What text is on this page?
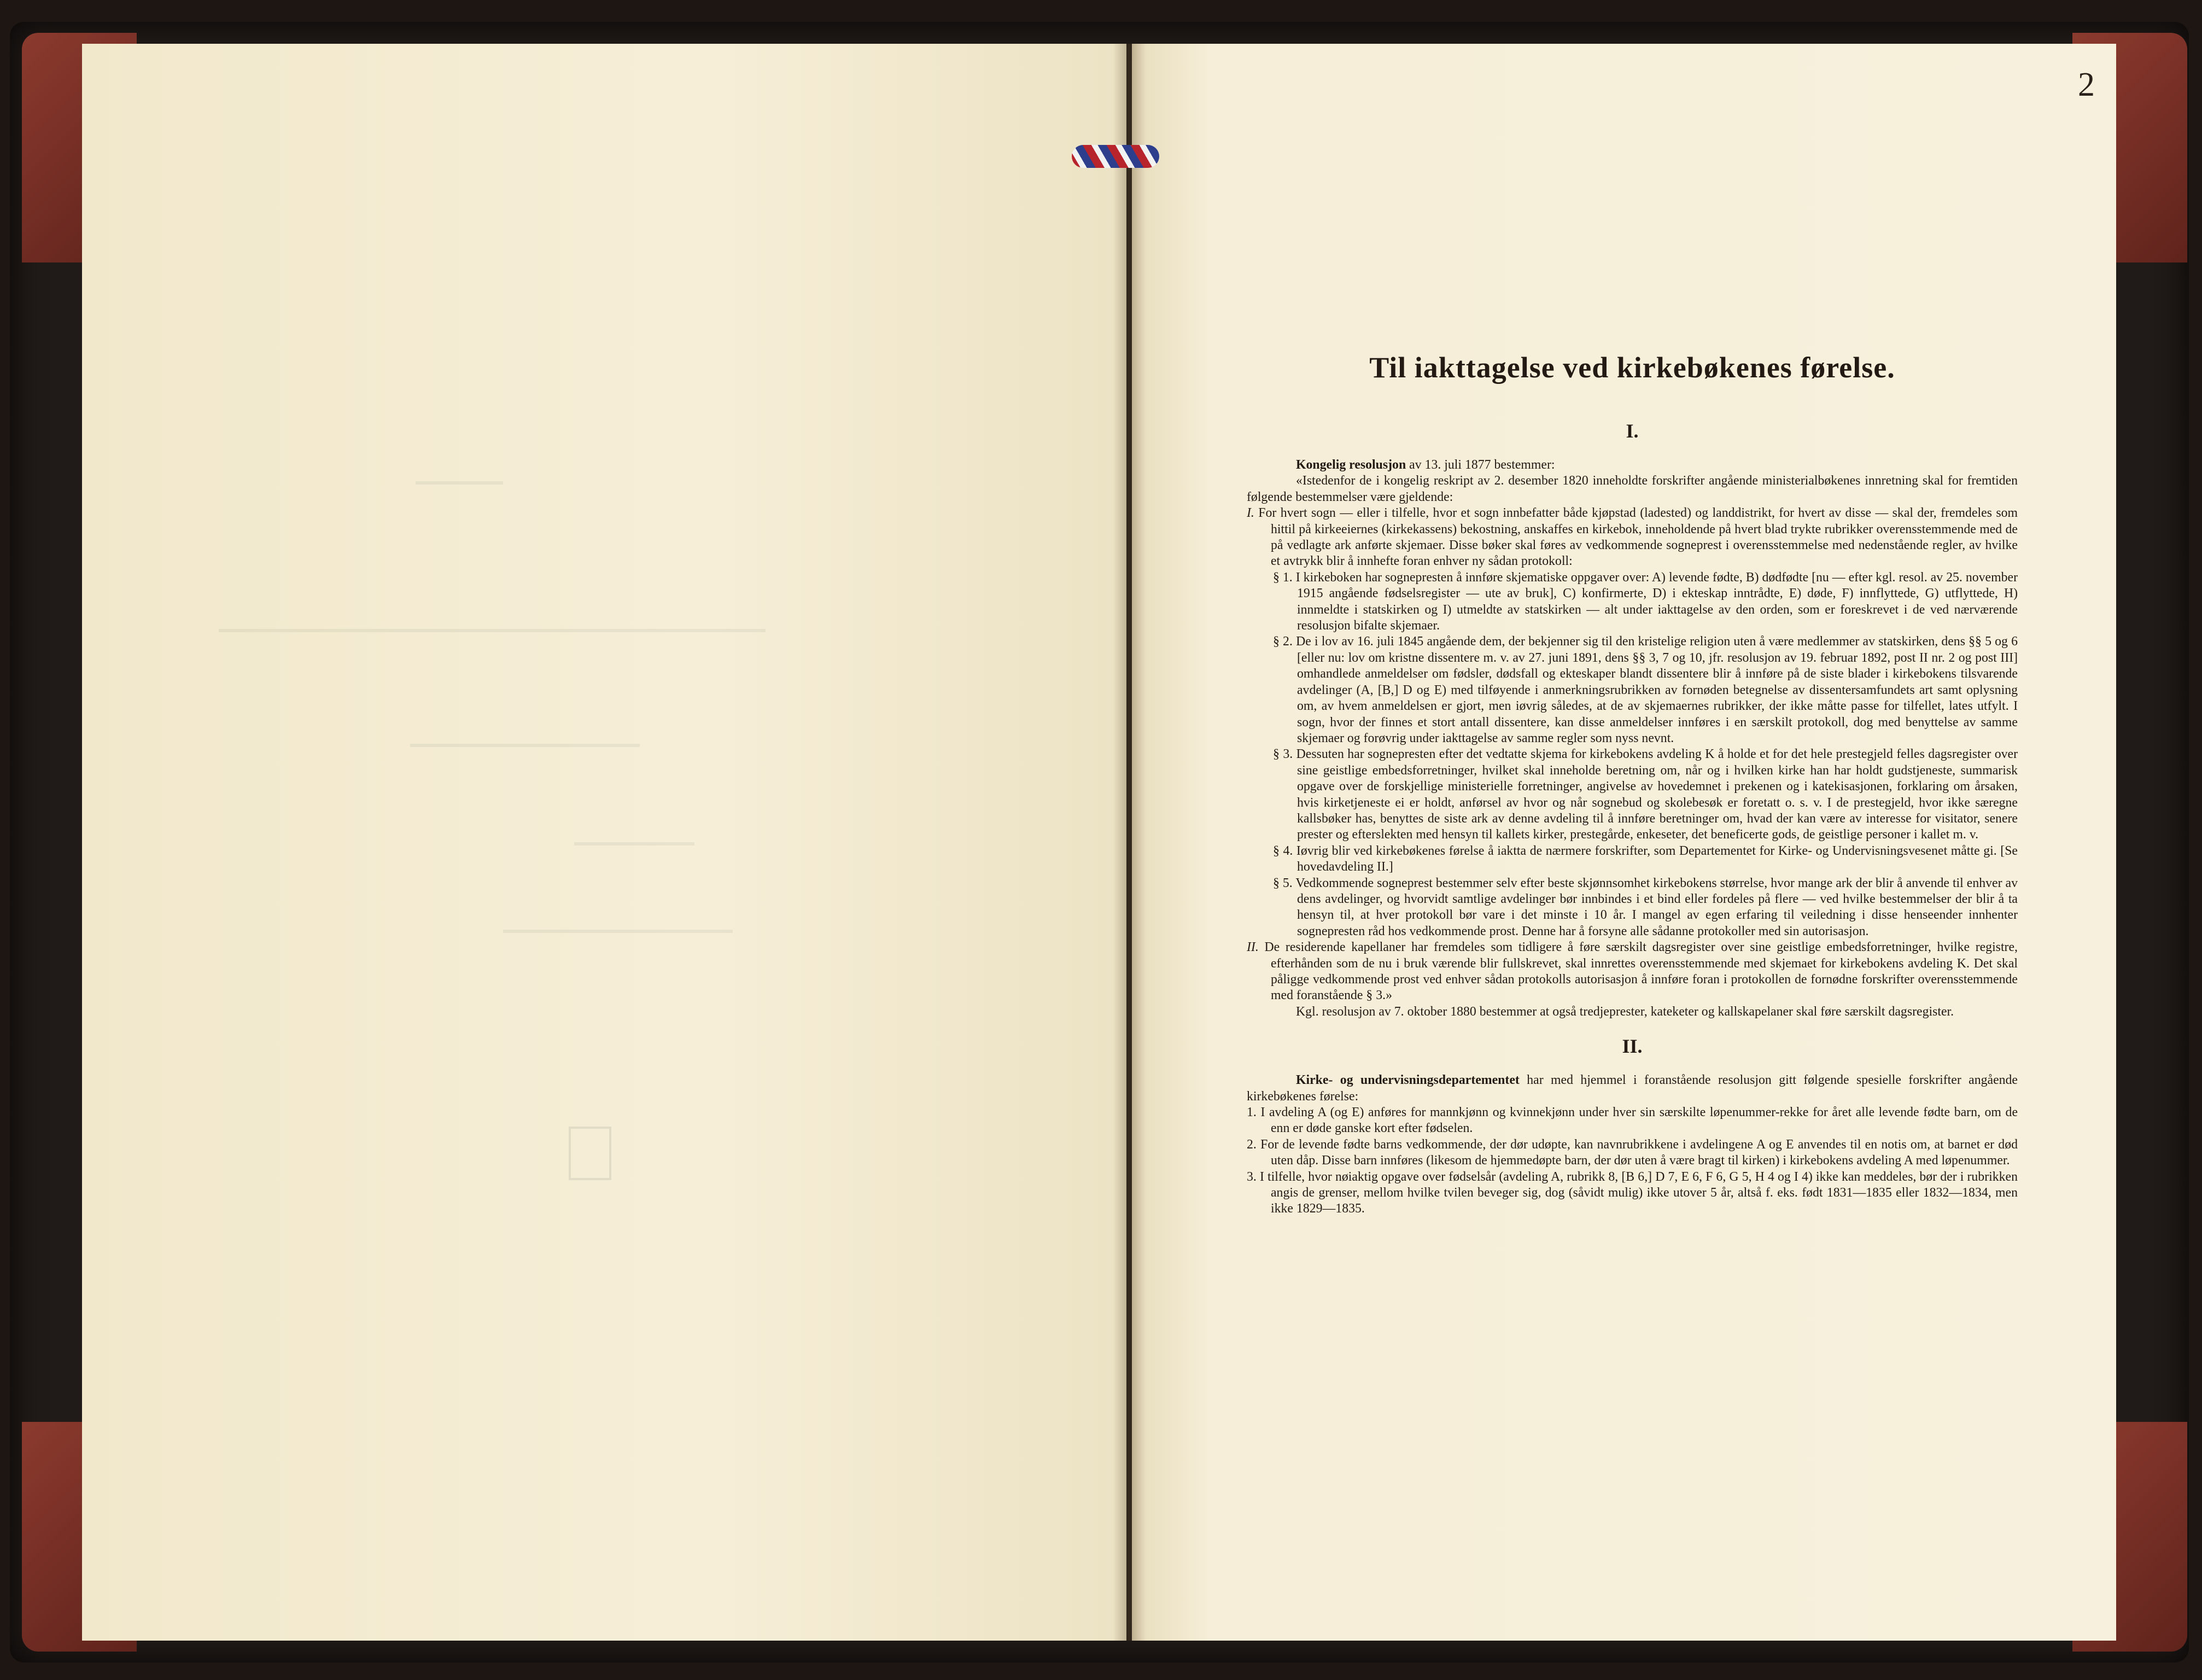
2
Til iakttagelse ved kirkebøkenes førelse.
I.

Kongelig resolusjon av 13. juli 1877 bestemmer:

«Istedenfor de i kongelig reskript av 2. desember 1820 inneholdte forskrifter angående ministerialbøkenes innretning skal for fremtiden følgende bestemmelser være gjeldende:

I. For hvert sogn — eller i tilfelle, hvor et sogn innbefatter både kjøpstad (ladested) og landdistrikt, for hvert av disse — skal der, fremdeles som hittil på kirkeeiernes (kirkekassens) bekostning, anskaffes en kirkebok, inneholdende på hvert blad trykte rubrikker overensstemmende med de på vedlagte ark anførte skjemaer. Disse bøker skal føres av vedkommende sogneprest i overensstemmelse med nedenstående regler, av hvilke et avtrykk blir å innhefte foran enhver ny sådan protokoll:

§ 1. I kirkeboken har sognepresten å innføre skjematiske oppgaver over: A) levende fødte, B) dødfødte [nu — efter kgl. resol. av 25. november 1915 angående fødselsregister — ute av bruk], C) konfirmerte, D) i ekteskap inntrådte, E) døde, F) innflyttede, G) utflyttede, H) innmeldte i statskirken og I) utmeldte av statskirken — alt under iakttagelse av den orden, som er foreskrevet i de ved nærværende resolusjon bifalte skjemaer.

§ 2. De i lov av 16. juli 1845 angående dem, der bekjenner sig til den kristelige religion uten å være medlemmer av statskirken, dens §§ 5 og 6 [eller nu: lov om kristne dissentere m. v. av 27. juni 1891, dens §§ 3, 7 og 10, jfr. resolusjon av 19. februar 1892, post II nr. 2 og post III] omhandlede anmeldelser om fødsler, dødsfall og ekteskaper blandt dissentere blir å innføre på de siste blader i kirkebokens tilsvarende avdelinger (A, [B,] D og E) med tilføyende i anmerkningsrubrikken av fornøden betegnelse av dissentersamfundets art samt oplysning om, av hvem anmeldelsen er gjort, men iøvrig således, at de av skjemaernes rubrikker, der ikke måtte passe for tilfellet, lates utfylt. I sogn, hvor der finnes et stort antall dissentere, kan disse anmeldelser innføres i en særskilt protokoll, dog med benyttelse av samme skjemaer og forøvrig under iakttagelse av samme regler som nyss nevnt.

§ 3. Dessuten har sognepresten efter det vedtatte skjema for kirkebokens avdeling K å holde et for det hele prestegjeld felles dagsregister over sine geistlige embedsforretninger, hvilket skal inneholde beretning om, når og i hvilken kirke han har holdt gudstjeneste, summarisk opgave over de forskjellige ministerielle forretninger, angivelse av hovedemnet i prekenen og i katekisasjonen, forklaring om årsaken, hvis kirketjeneste ei er holdt, anførsel av hvor og når sognebud og skolebesøk er foretatt o. s. v. I de prestegjeld, hvor ikke særegne kallsbøker has, benyttes de siste ark av denne avdeling til å innføre beretninger om, hvad der kan være av interesse for visitator, senere prester og efterslekten med hensyn til kallets kirker, prestegårde, enkeseter, det beneficerte gods, de geistlige personer i kallet m. v.

§ 4. Iøvrig blir ved kirkebøkenes førelse å iaktta de nærmere forskrifter, som Departementet for Kirke- og Undervisningsvesenet måtte gi. [Se hovedavdeling II.]

§ 5. Vedkommende sogneprest bestemmer selv efter beste skjønnsomhet kirkebokens størrelse, hvor mange ark der blir å anvende til enhver av dens avdelinger, og hvorvidt samtlige avdelinger bør innbindes i et bind eller fordeles på flere — ved hvilke bestemmelser der blir å ta hensyn til, at hver protokoll bør vare i det minste i 10 år. I mangel av egen erfaring til veiledning i disse henseender innhenter sognepresten råd hos vedkommende prost. Denne har å forsyne alle sådanne protokoller med sin autorisasjon.

II. De residerende kapellaner har fremdeles som tidligere å føre særskilt dagsregister over sine geistlige embedsforretninger, hvilke registre, efterhånden som de nu i bruk værende blir fullskrevet, skal innrettes overensstemmende med skjemaet for kirkebokens avdeling K. Det skal påligge vedkommende prost ved enhver sådan protokolls autorisasjon å innføre foran i protokollen de fornødne forskrifter overensstemmende med foranstående § 3.»

Kgl. resolusjon av 7. oktober 1880 bestemmer at også tredjeprester, kateketer og kallskapelaner skal føre særskilt dagsregister.

II.

Kirke- og undervisningsdepartementet har med hjemmel i foranstående resolusjon gitt følgende spesielle forskrifter angående kirkebøkenes førelse:

1. I avdeling A (og E) anføres for mannkjønn og kvinnekjønn under hver sin særskilte løpenummer-rekke for året alle levende fødte barn, om de enn er døde ganske kort efter fødselen.

2. For de levende fødte barns vedkommende, der dør udøpte, kan navnrubrikkene i avdelingene A og E anvendes til en notis om, at barnet er død uten dåp. Disse barn innføres (likesom de hjemmedøpte barn, der dør uten å være bragt til kirken) i kirkebokens avdeling A med løpenummer.

3. I tilfelle, hvor nøiaktig opgave over fødselsår (avdeling A, rubrikk 8, [B 6,] D 7, E 6, F 6, G 5, H 4 og I 4) ikke kan meddeles, bør der i rubrikken angis de grenser, mellom hvilke tvilen beveger sig, dog (såvidt mulig) ikke utover 5 år, altså f. eks. født 1831—1835 eller 1832—1834, men ikke 1829—1835.
